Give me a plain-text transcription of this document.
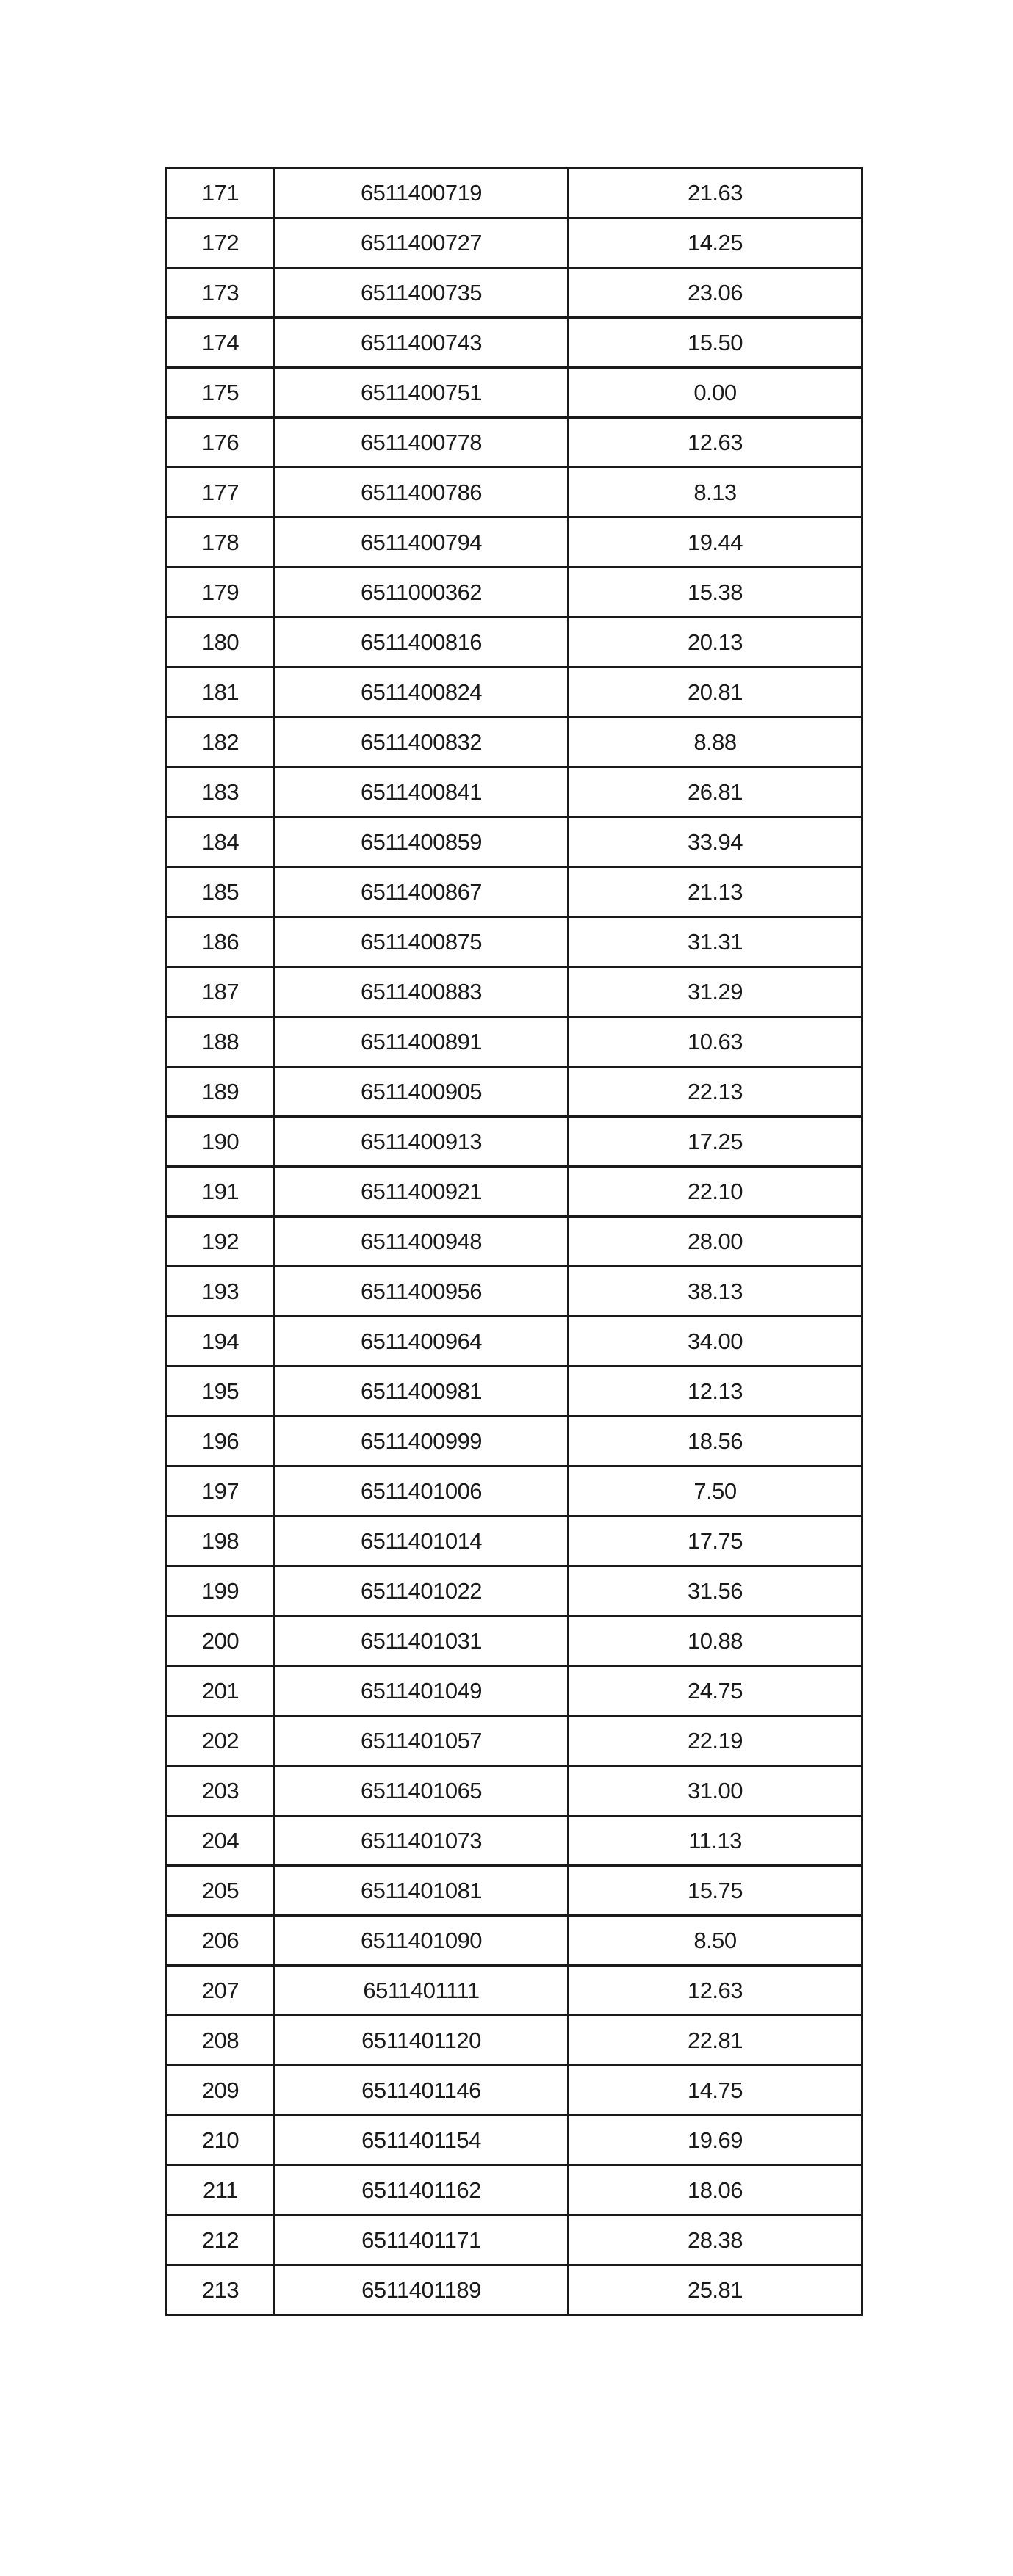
171	6511400719	21.63
172	6511400727	14.25
173	6511400735	23.06
174	6511400743	15.50
175	6511400751	0.00
176	6511400778	12.63
177	6511400786	8.13
178	6511400794	19.44
179	6511000362	15.38
180	6511400816	20.13
181	6511400824	20.81
182	6511400832	8.88
183	6511400841	26.81
184	6511400859	33.94
185	6511400867	21.13
186	6511400875	31.31
187	6511400883	31.29
188	6511400891	10.63
189	6511400905	22.13
190	6511400913	17.25
191	6511400921	22.10
192	6511400948	28.00
193	6511400956	38.13
194	6511400964	34.00
195	6511400981	12.13
196	6511400999	18.56
197	6511401006	7.50
198	6511401014	17.75
199	6511401022	31.56
200	6511401031	10.88
201	6511401049	24.75
202	6511401057	22.19
203	6511401065	31.00
204	6511401073	11.13
205	6511401081	15.75
206	6511401090	8.50
207	6511401111	12.63
208	6511401120	22.81
209	6511401146	14.75
210	6511401154	19.69
211	6511401162	18.06
212	6511401171	28.38
213	6511401189	25.81
